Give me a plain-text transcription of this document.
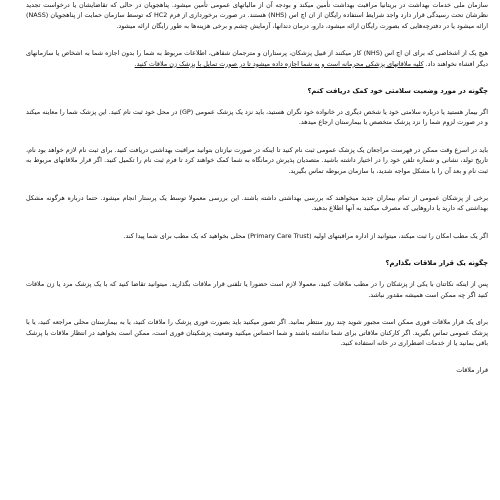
سازمان ملی خدمات بهداشت در بریتانیا مراقبت بهداشت تأمین میکند و بودجه آن از مالیاتهای عمومی تأمین میشود. پناهجویان در حالی که تقاضایشان یا درخواست تجدید نظرشان تحت رسیدگی قرار دارد واجد شرایط استفاده رایگان از ان اچ اس (NHS) هستند. در صورت برخورداری از فرم HC2 که توسط سازمان حمایت از پناهجویان (NASS) ارائه میشود یا در دفترچه‌هایی که بصورت رایگان ارائه میشود، دارو، درمان دندانها، آزمایش چشم و برخی هزینه‌ها به طور رایگان ارائه میشود.

هیچ یک از اشخاصی که برای ان اچ اس (NHS) کار میکنند از قبیل پزشکان، پرستاران و مترجمان شفاهی، اطلاعات مربوط به شما را بدون اجازه شما به اشخاص یا سازمانهای دیگر افشاء نخواهند داد. کلیه ملاقاتهای پزشکی محرمانه است و به شما اجازه داده میشود تا در صورت تمایل با پزشک زن ملاقات کنید.

چگونه در مورد وضعیت سلامتی خود کمک دریافت کنم؟

اگر بیمار هستید یا درباره سلامتی خود یا شخص دیگری در خانواده خود نگران هستید، باید نزد یک پزشک عمومی (GP) در محل خود ثبت نام کنید. این پزشک شما را معاینه میکند و در صورت لزوم شما را نزد پزشک متخصص یا بیمارستان ارجاع میدهد.

باید در اسرع وقت ممکن در فهرست مراجعان یک پزشک عمومی ثبت نام کنید تا اینکه در صورت نیازتان بتوانید مراقبت بهداشتی دریافت کنید. برای ثبت نام لازم خواهد بود نام، تاریخ تولد، نشانی و شماره تلفن خود را در اختیار داشته باشید. متصدیان پذیرش درمانگاه به شما کمک خواهند کرد تا فرم ثبت نام را تکمیل کنید. اگر قرار ملاقاتهای مربوط به ثبت نام و بعد آن را با مشکل مواجه شدید، با سازمان مربوطه تماس بگیرید.

برخی از پزشکان عمومی از تمام بیماران جدید میخواهند که بررسی بهداشتی داشته باشند. این بررسی معمولا توسط یک پرستار انجام میشود. حتما درباره هرگونه مشکل بهداشتی که دارید یا داروهایی که مصرف میکنید به آنها اطلاع بدهید.

اگر یک مطب امکان را ثبت میکند، میتوانید از اداره مراقبتهای اولیه (Primary Care Trust) محلی بخواهید که یک مطب برای شما پیدا کند.

چگونه یک قرار ملاقات بگذارم؟

پس از اینکه نکاتتان با یکی از پزشکان را در مطب ملاقات کنید، معمولا لازم است حضورا یا تلفنی قرار ملاقات بگذارید. میتوانید تقاضا کنید که با یک پزشک مرد یا زن ملاقات کنید اگر چه ممکن است همیشه مقدور نباشد.

برای یک قرار ملاقات فوری ممکن است مجبور شوید چند روز منتظر بمانید. اگر تصور میکنید باید بصورت فوری پزشک را ملاقات کنید، یا به بیمارستان محلی مراجعه کنید، یا با پزشک عمومی تماس بگیرید. اگر کارکنان ملاقاتی برای شما نداشته باشند و شما احساس میکنید وضعیت پزشکیتان فوری است، ممکن است بخواهید در انتظار ملاقات با پزشک باقی بمانید یا از خدمات اضطراری در خانه استفاده کنید.

قرار ملاقات
